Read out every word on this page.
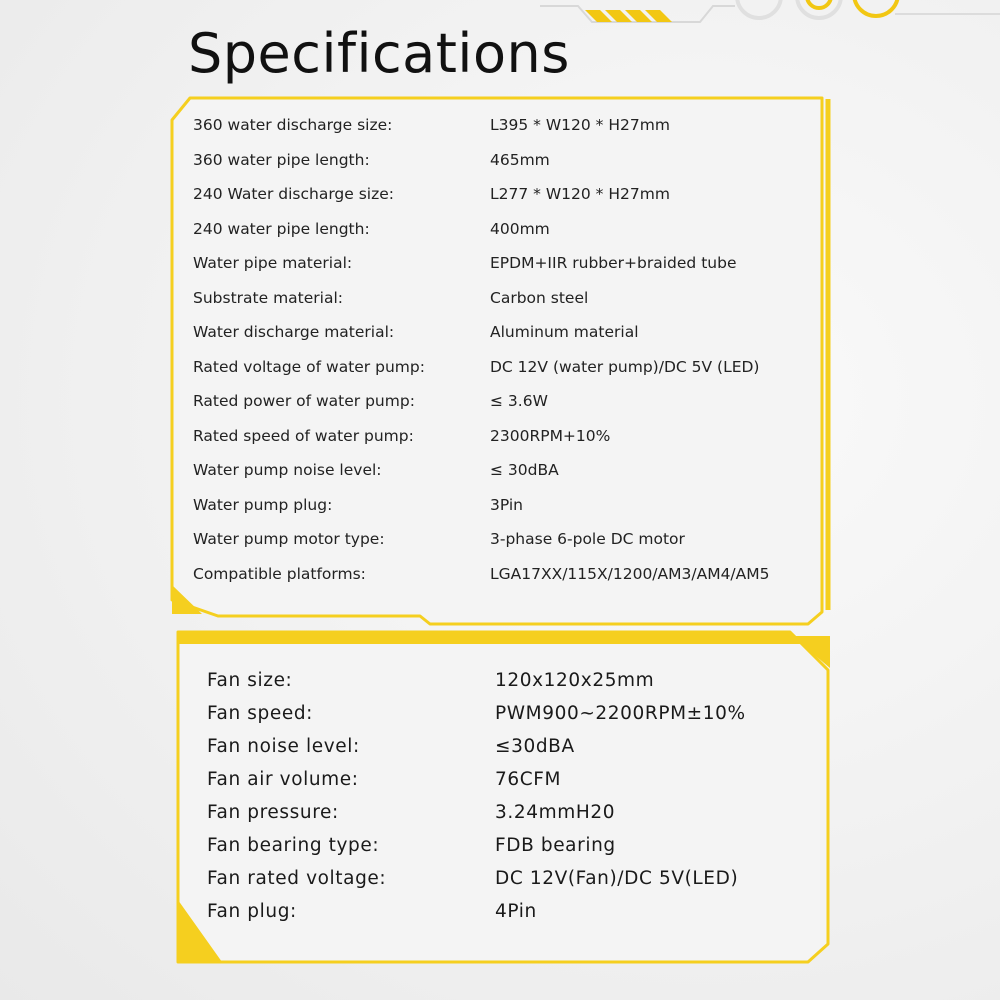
Specifications
360 water discharge size:	L395 * W120 * H27mm
360 water pipe length:	465mm
240 Water discharge size:	L277 * W120 * H27mm
240 water pipe length:	400mm
Water pipe material:	EPDM+IIR rubber+braided tube
Substrate material:	Carbon steel
Water discharge material:	Aluminum material
Rated voltage of water pump:	DC 12V (water pump)/DC 5V (LED)
Rated power of water pump:	≤ 3.6W
Rated speed of water pump:	2300RPM+10%
Water pump noise level:	≤ 30dBA
Water pump plug:	3Pin
Water pump motor type:	3-phase 6-pole DC motor
Compatible platforms:	LGA17XX/115X/1200/AM3/AM4/AM5
Fan size:	120x120x25mm
Fan speed:	PWM900~2200RPM±10%
Fan noise level:	≤30dBA
Fan air volume:	76CFM
Fan pressure:	3.24mmH20
Fan bearing type:	FDB bearing
Fan rated voltage:	DC 12V(Fan)/DC 5V(LED)
Fan plug:	4Pin
